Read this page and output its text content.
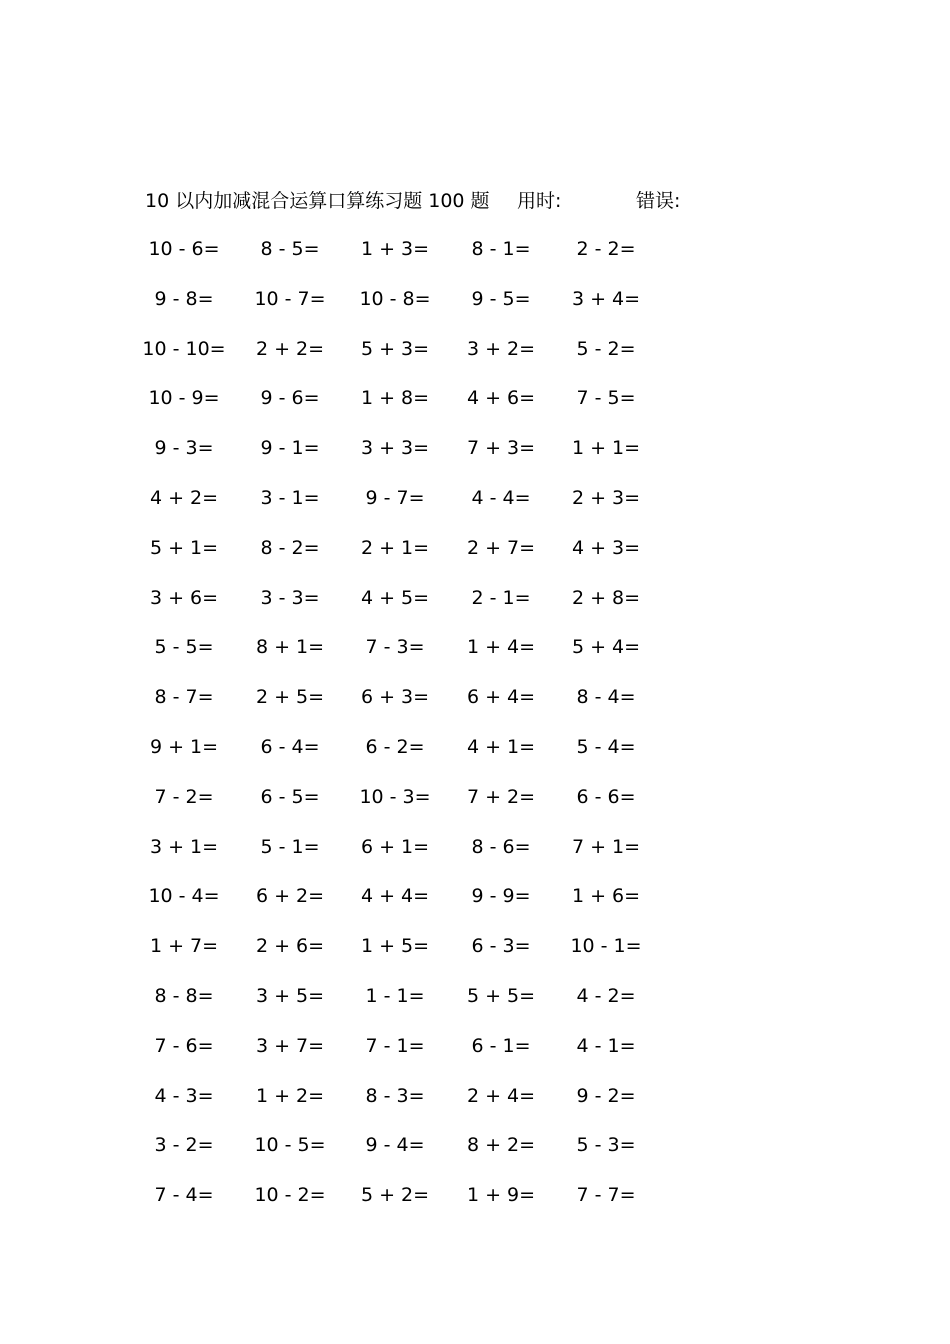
10 以内加减混合运算口算练习题 100 题 用时:	错误:
10 - 6=	8 - 5=	1 + 3=	8 - 1=	2 - 2=
9 - 8=	10 - 7=	10 - 8=	9 - 5=	3 + 4=
10 - 10=	2 + 2=	5 + 3=	3 + 2=	5 - 2=
10 - 9=	9 - 6=	1 + 8=	4 + 6=	7 - 5=
9 - 3=	9 - 1=	3 + 3=	7 + 3=	1 + 1=
4 + 2=	3 - 1=	9 - 7=	4 - 4=	2 + 3=
5 + 1=	8 - 2=	2 + 1=	2 + 7=	4 + 3=
3 + 6=	3 - 3=	4 + 5=	2 - 1=	2 + 8=
5 - 5=	8 + 1=	7 - 3=	1 + 4=	5 + 4=
8 - 7=	2 + 5=	6 + 3=	6 + 4=	8 - 4=
9 + 1=	6 - 4=	6 - 2=	4 + 1=	5 - 4=
7 - 2=	6 - 5=	10 - 3=	7 + 2=	6 - 6=
3 + 1=	5 - 1=	6 + 1=	8 - 6=	7 + 1=
10 - 4=	6 + 2=	4 + 4=	9 - 9=	1 + 6=
1 + 7=	2 + 6=	1 + 5=	6 - 3=	10 - 1=
8 - 8=	3 + 5=	1 - 1=	5 + 5=	4 - 2=
7 - 6=	3 + 7=	7 - 1=	6 - 1=	4 - 1=
4 - 3=	1 + 2=	8 - 3=	2 + 4=	9 - 2=
3 - 2=	10 - 5=	9 - 4=	8 + 2=	5 - 3=
7 - 4=	10 - 2=	5 + 2=	1 + 9=	7 - 7=
